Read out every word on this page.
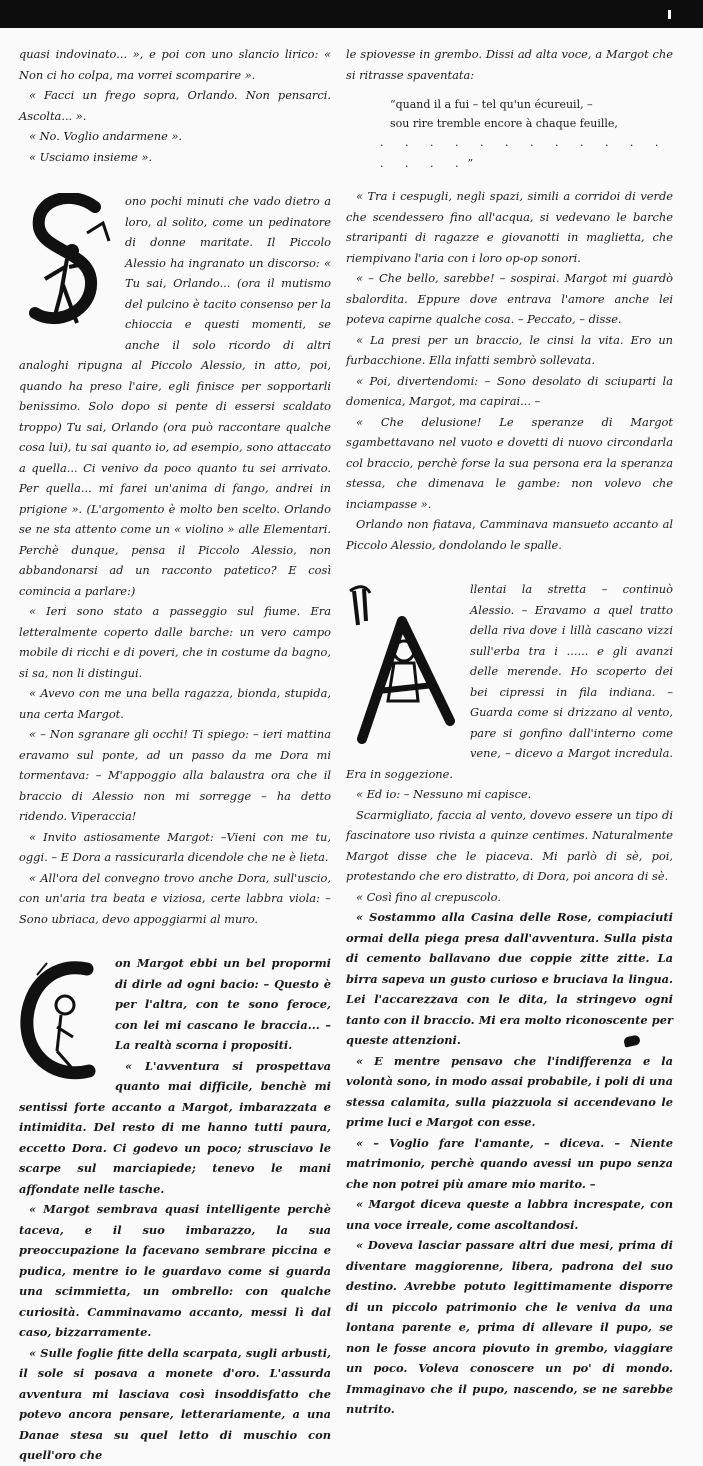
quasi indovinato... », e poi con uno slancio lirico: « Non ci ho colpa, ma vorrei scomparire ».

« Facci un frego sopra, Orlando. Non pensarci. Ascolta... ».

« No. Voglio andarmene ».

« Usciamo insieme ».

ono pochi minuti che vado dietro a loro, al solito, come un pedinatore di donne maritate. Il Piccolo Alessio ha ingranato un discorso: « Tu sai, Orlando... (ora il mutismo del pulcino è tacito consenso per la chioccia e questi momenti, se anche il solo ricordo di altri analoghi ripugna al Piccolo Alessio, in atto, poi, quando ha preso l'aire, egli finisce per sopportarli benissimo. Solo dopo si pente di essersi scaldato troppo) Tu sai, Orlando (ora può raccontare qualche cosa lui), tu sai quanto io, ad esempio, sono attaccato a quella... Ci venivo da poco quanto tu sei arrivato. Per quella... mi farei un'anima di fango, andrei in prigione ». (L'argomento è molto ben scelto. Orlando se ne sta attento come un « violino » alle Elementari. Perchè dunque, pensa il Piccolo Alessio, non abbandonarsi ad un racconto patetico? E così comincia a parlare:)

« Ieri sono stato a passeggio sul fiume. Era letteralmente coperto dalle barche: un vero campo mobile di ricchi e di poveri, che in costume da bagno, si sa, non li distingui.

« Avevo con me una bella ragazza, bionda, stupida, una certa Margot.

« – Non sgranare gli occhi! Ti spiego: – ieri mattina eravamo sul ponte, ad un passo da me Dora mi tormentava: – M'appoggio alla balaustra ora che il braccio di Alessio non mi sorregge – ha detto ridendo. Viperaccia!

« Invito astiosamente Margot: –Vieni con me tu, oggi. – E Dora a rassicurarla dicendole che ne è lieta.

« All'ora del convegno trovo anche Dora, sull'uscio, con un'aria tra beata e viziosa, certe labbra viola: – Sono ubriaca, devo appoggiarmi al muro.

on Margot ebbi un bel propormi di dirle ad ogni bacio: – Questo è per l'altra, con te sono feroce, con lei mi cascano le braccia... – La realtà scorna i propositi.

« L'avventura si prospettava quanto mai difficile, benchè mi sentissi forte accanto a Margot, imbarazzata e intimidita. Del resto di me hanno tutti paura, eccetto Dora. Ci godevo un poco; strusciavo le scarpe sul marciapiede; tenevo le mani affondate nelle tasche.

« Margot sembrava quasi intelligente perchè taceva, e il suo imbarazzo, la sua preoccupazione la facevano sembrare piccina e pudica, mentre io le guardavo come si guarda una scimmietta, un ombrello: con qualche curiosità. Camminavamo accanto, messi lì dal caso, bizzarramente.

« Sulle foglie fitte della scarpata, sugli arbusti, il sole si posava a monete d'oro. L'assurda avventura mi lasciava così insoddisfatto che potevo ancora pensare, letterariamente, a una Danae stesa su quel letto di muschio con quell'oro che

le spiovesse in grembo. Dissi ad alta voce, a Margot che si ritrasse spaventata:

“quand il a fui – tel qu'un écureuil, –

sou rire tremble encore à chaque feuille,

. . . . . . . . . . . . . . . .”

« Tra i cespugli, negli spazi, simili a corridoi di verde che scendessero fino all'acqua, si vedevano le barche straripanti di ragazze e giovanotti in maglietta, che riempivano l'aria con i loro op-op sonori.

« – Che bello, sarebbe! – sospirai. Margot mi guardò sbalordita. Eppure dove entrava l'amore anche lei poteva capirne qualche cosa. – Peccato, – disse.

« La presi per un braccio, le cinsi la vita. Ero un furbacchione. Ella infatti sembrò sollevata.

« Poi, divertendomi: – Sono desolato di sciuparti la domenica, Margot, ma capirai... –

« Che delusione! Le speranze di Margot sgambettavano nel vuoto e dovetti di nuovo circondarla col braccio, perchè forse la sua persona era la speranza stessa, che dimenava le gambe: non volevo che inciampasse ».

Orlando non fiatava, Camminava mansueto accanto al Piccolo Alessio, dondolando le spalle.

llentai la stretta – continuò Alessio. – Eravamo a quel tratto della riva dove i lillà cascano vizzi sull'erba tra i ...... e gli avanzi delle merende. Ho scoperto dei bei cipressi in fila indiana. – Guarda come si drizzano al vento, pare si gonfino dall'interno come vene, – dicevo a Margot incredula. Era in soggezione.

« Ed io: – Nessuno mi capisce.

Scarmigliato, faccia al vento, dovevo essere un tipo di fascinatore uso rivista a quinze centimes. Naturalmente Margot disse che le piaceva. Mi parlò di sè, poi, protestando che ero distratto, di Dora, poi ancora di sè.

« Così fino al crepuscolo.

« Sostammo alla Casina delle Rose, compiaciuti ormai della piega presa dall'avventura. Sulla pista di cemento ballavano due coppie zitte zitte. La birra sapeva un gusto curioso e bruciava la lingua. Lei l'accarezzava con le dita, la stringevo ogni tanto con il braccio. Mi era molto riconoscente per queste attenzioni.

« E mentre pensavo che l'indifferenza e la volontà sono, in modo assai probabile, i poli di una stessa calamita, sulla piazzuola si accendevano le prime luci e Margot con esse.

« – Voglio fare l'amante, – diceva. – Niente matrimonio, perchè quando avessi un pupo senza che non potrei più amare mio marito. –

« Margot diceva queste a labbra increspate, con una voce irreale, come ascoltandosi.

« Doveva lasciar passare altri due mesi, prima di diventare maggiorenne, libera, padrona del suo destino. Avrebbe potuto legittimamente disporre di un piccolo patrimonio che le veniva da una lontana parente e, prima di allevare il pupo, se non le fosse ancora piovuto in grembo, viaggiare un poco. Voleva conoscere un po' di mondo. Immaginavo che il pupo, nascendo, se ne sarebbe nutrito.
